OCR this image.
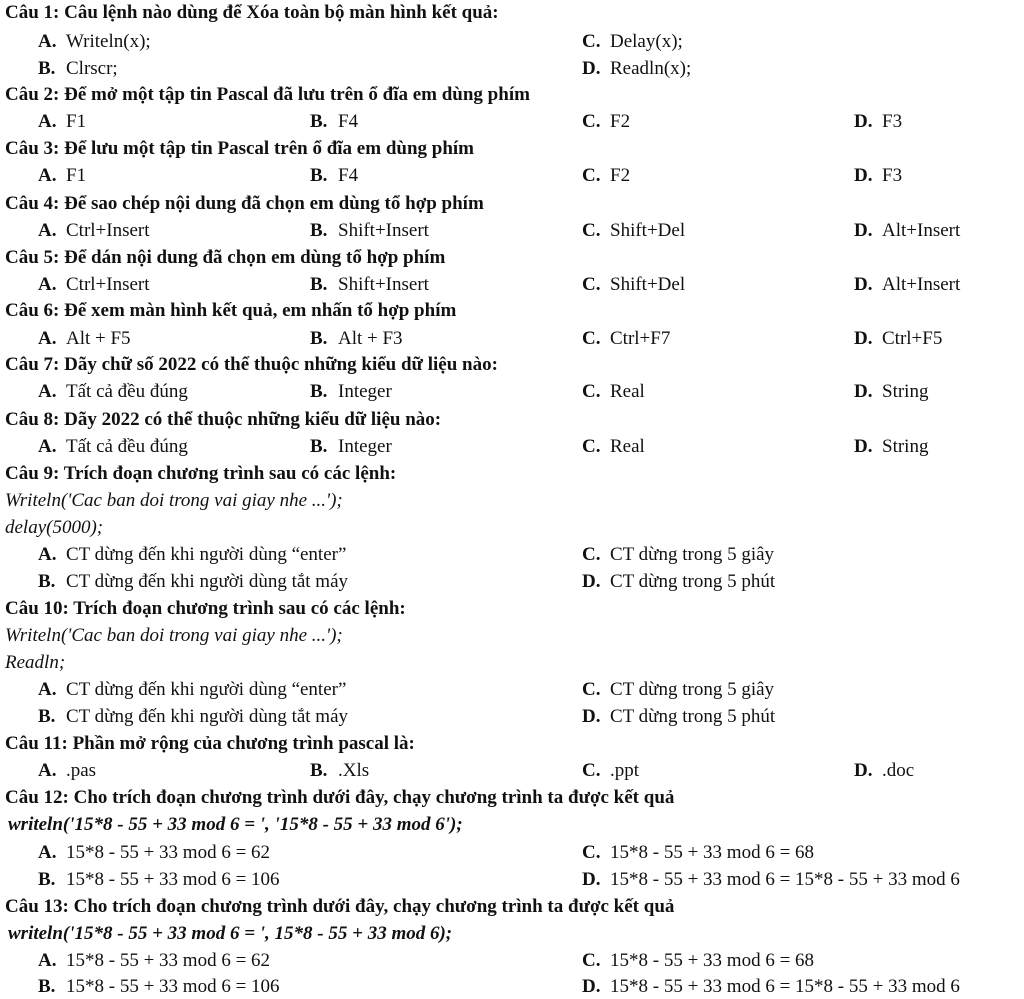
Câu 1: Câu lệnh nào dùng để Xóa toàn bộ màn hình kết quả:
A. Writeln(x);	C. Delay(x);
B. Clrscr;	D. Readln(x);
Câu 2: Để mở một tập tin Pascal đã lưu trên ổ đĩa em dùng phím
A. F1	B. F4	C. F2	D. F3
Câu 3: Để lưu một tập tin Pascal trên ổ đĩa em dùng phím
A. F1	B. F4	C. F2	D. F3
Câu 4: Để sao chép nội dung đã chọn em dùng tổ hợp phím
A. Ctrl+Insert	B. Shift+Insert	C. Shift+Del	D. Alt+Insert
Câu 5: Để dán nội dung đã chọn em dùng tổ hợp phím
A. Ctrl+Insert	B. Shift+Insert	C. Shift+Del	D. Alt+Insert
Câu 6: Để xem màn hình kết quả, em nhấn tổ hợp phím
A. Alt + F5	B. Alt + F3	C. Ctrl+F7	D. Ctrl+F5
Câu 7: Dãy chữ số 2022 có thể thuộc những kiểu dữ liệu nào:
A. Tất cả đều đúng	B. Integer	C. Real	D. String
Câu 8: Dãy 2022 có thể thuộc những kiểu dữ liệu nào:
A. Tất cả đều đúng	B. Integer	C. Real	D. String
Câu 9: Trích đoạn chương trình sau có các lệnh:
Writeln('Cac ban doi trong vai giay nhe ...');
delay(5000);
A. CT dừng đến khi người dùng “enter”	C. CT dừng trong 5 giây
B. CT dừng đến khi người dùng tắt máy	D. CT dừng trong 5 phút
Câu 10: Trích đoạn chương trình sau có các lệnh:
Writeln('Cac ban doi trong vai giay nhe ...');
Readln;
A. CT dừng đến khi người dùng “enter”	C. CT dừng trong 5 giây
B. CT dừng đến khi người dùng tắt máy	D. CT dừng trong 5 phút
Câu 11: Phần mở rộng của chương trình pascal là:
A. .pas	B. .Xls	C. .ppt	D. .doc
Câu 12: Cho trích đoạn chương trình dưới đây, chạy chương trình ta được kết quả
writeln('15*8 - 55 + 33 mod 6 = ', '15*8 - 55 + 33 mod 6');
A. 15*8 - 55 + 33 mod 6 = 62	C. 15*8 - 55 + 33 mod 6 = 68
B. 15*8 - 55 + 33 mod 6 = 106	D. 15*8 - 55 + 33 mod 6 = 15*8 - 55 + 33 mod 6
Câu 13: Cho trích đoạn chương trình dưới đây, chạy chương trình ta được kết quả
writeln('15*8 - 55 + 33 mod 6 = ', 15*8 - 55 + 33 mod 6);
A. 15*8 - 55 + 33 mod 6 = 62	C. 15*8 - 55 + 33 mod 6 = 68
B. 15*8 - 55 + 33 mod 6 = 106	D. 15*8 - 55 + 33 mod 6 = 15*8 - 55 + 33 mod 6
